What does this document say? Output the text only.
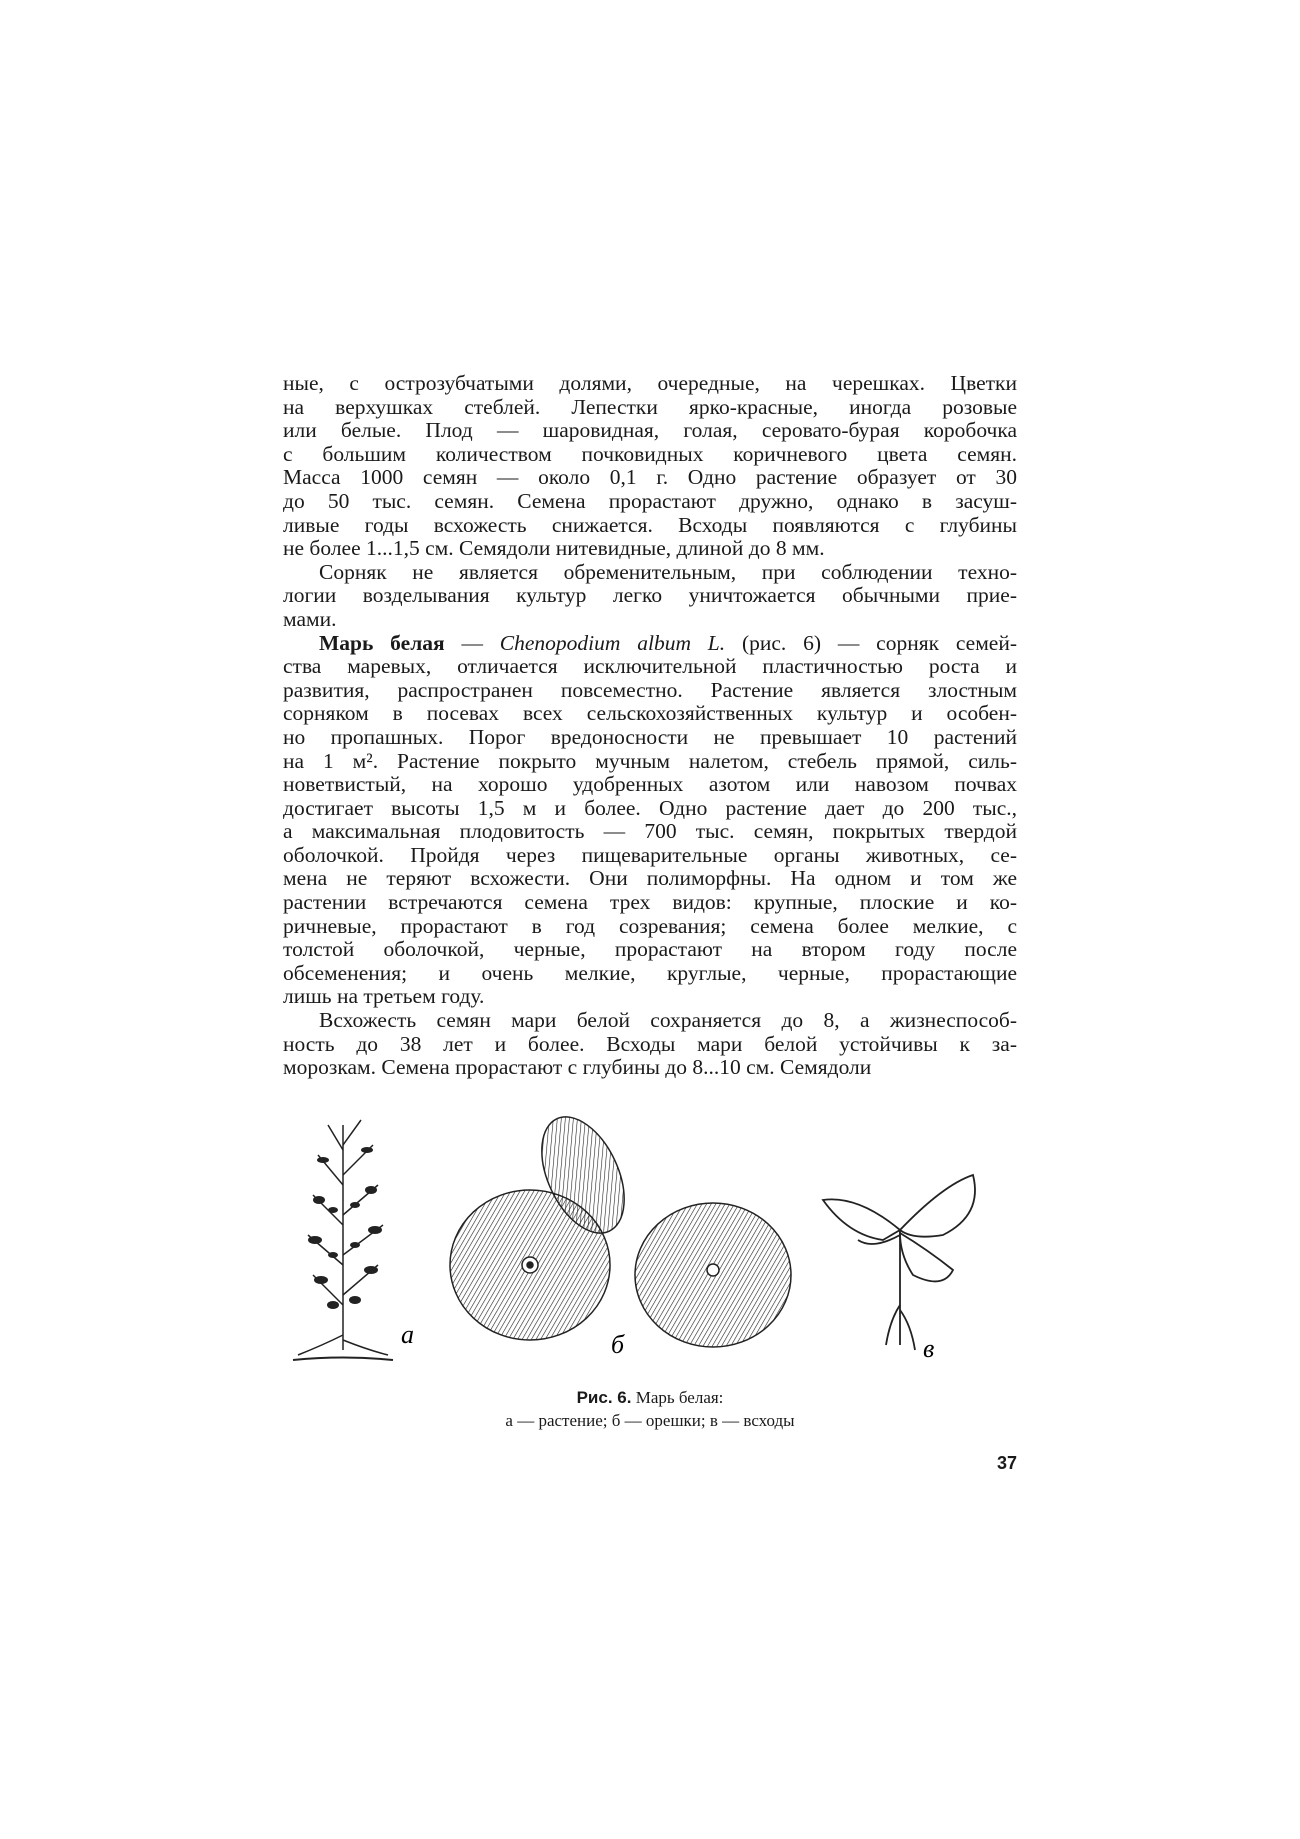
ные, с острозубчатыми долями, очередные, на черешках. Цветки
на верхушках стеблей. Лепестки ярко-красные, иногда розовые
или белые. Плод — шаровидная, голая, серовато-бурая коробочка
с большим количеством почковидных коричневого цвета семян.
Масса 1000 семян — около 0,1 г. Одно растение образует от 30
до 50 тыс. семян. Семена прорастают дружно, однако в засуш-
ливые годы всхожесть снижается. Всходы появляются с глубины
не более 1...1,5 см. Семядоли нитевидные, длиной до 8 мм.
Сорняк не является обременительным, при соблюдении техно-
логии возделывания культур легко уничтожается обычными прие-
мами.
Марь белая — Chenopodium album L. (рис. 6) — сорняк семей-
ства маревых, отличается исключительной пластичностью роста и
развития, распространен повсеместно. Растение является злостным
сорняком в посевах всех сельскохозяйственных культур и особен-
но пропашных. Порог вредоносности не превышает 10 растений
на 1 м². Растение покрыто мучным налетом, стебель прямой, силь-
новетвистый, на хорошо удобренных азотом или навозом почвах
достигает высоты 1,5 м и более. Одно растение дает до 200 тыс.,
а максимальная плодовитость — 700 тыс. семян, покрытых твердой
оболочкой. Пройдя через пищеварительные органы животных, се-
мена не теряют всхожести. Они полиморфны. На одном и том же
растении встречаются семена трех видов: крупные, плоские и ко-
ричневые, прорастают в год созревания; семена более мелкие, с
толстой оболочкой, черные, прорастают на втором году после
обсеменения; и очень мелкие, круглые, черные, прорастающие
лишь на третьем году.
Всхожесть семян мари белой сохраняется до 8, а жизнеспособ-
ность до 38 лет и более. Всходы мари белой устойчивы к за-
морозкам. Семена прорастают с глубины до 8...10 см. Семядоли
а	б	в
Рис. 6. Марь белая:
а — растение; б — орешки; в — всходы
37
